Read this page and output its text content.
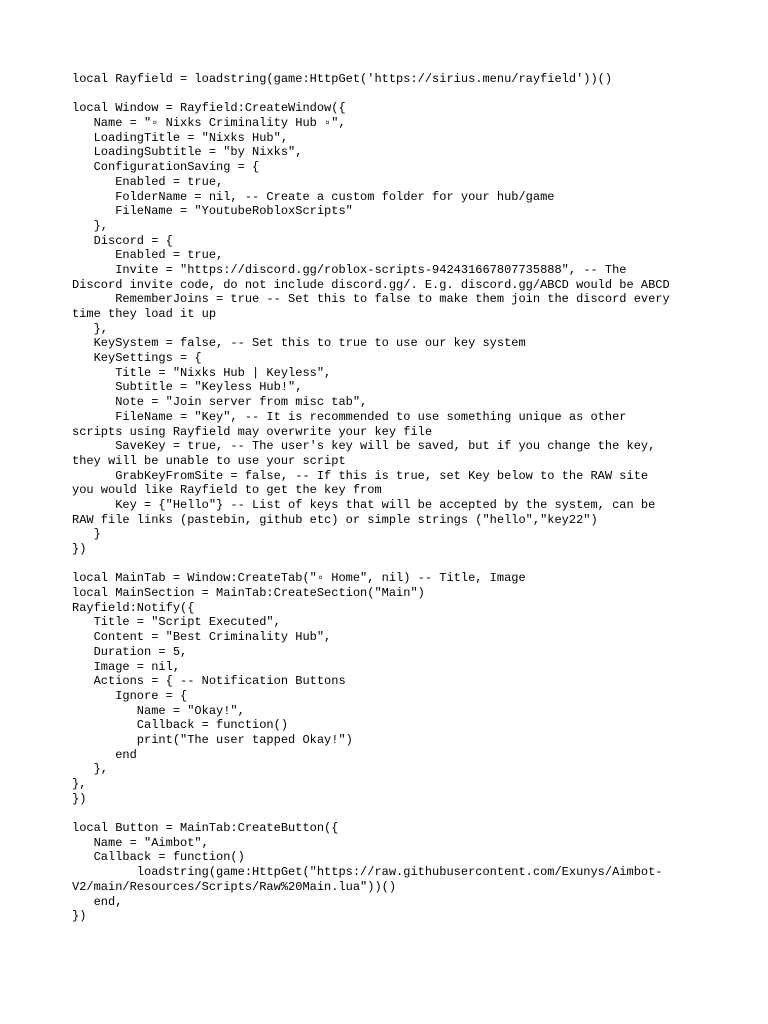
local Rayfield = loadstring(game:HttpGet('https://sirius.menu/rayfield'))()
local Window = Rayfield:CreateWindow({
Name = "▫ Nixks Criminality Hub ▫",
LoadingTitle = "Nixks Hub",
LoadingSubtitle = "by Nixks",
ConfigurationSaving = {
Enabled = true,
FolderName = nil, -- Create a custom folder for your hub/game
FileName = "YoutubeRobloxScripts"
},
Discord = {
Enabled = true,
Invite = "https://discord.gg/roblox-scripts-942431667807735888", -- The
Discord invite code, do not include discord.gg/. E.g. discord.gg/ABCD would be ABCD
RememberJoins = true -- Set this to false to make them join the discord every
time they load it up
},
KeySystem = false, -- Set this to true to use our key system
KeySettings = {
Title = "Nixks Hub | Keyless",
Subtitle = "Keyless Hub!",
Note = "Join server from misc tab",
FileName = "Key", -- It is recommended to use something unique as other
scripts using Rayfield may overwrite your key file
SaveKey = true, -- The user's key will be saved, but if you change the key,
they will be unable to use your script
GrabKeyFromSite = false, -- If this is true, set Key below to the RAW site
you would like Rayfield to get the key from
Key = {"Hello"} -- List of keys that will be accepted by the system, can be
RAW file links (pastebin, github etc) or simple strings ("hello","key22")
}
})
local MainTab = Window:CreateTab("▫ Home", nil) -- Title, Image
local MainSection = MainTab:CreateSection("Main")
Rayfield:Notify({
Title = "Script Executed",
Content = "Best Criminality Hub",
Duration = 5,
Image = nil,
Actions = { -- Notification Buttons
Ignore = {
Name = "Okay!",
Callback = function()
print("The user tapped Okay!")
end
},
},
})
local Button = MainTab:CreateButton({
Name = "Aimbot",
Callback = function()
loadstring(game:HttpGet("https://raw.githubusercontent.com/Exunys/Aimbot-
V2/main/Resources/Scripts/Raw%20Main.lua"))()
end,
})
